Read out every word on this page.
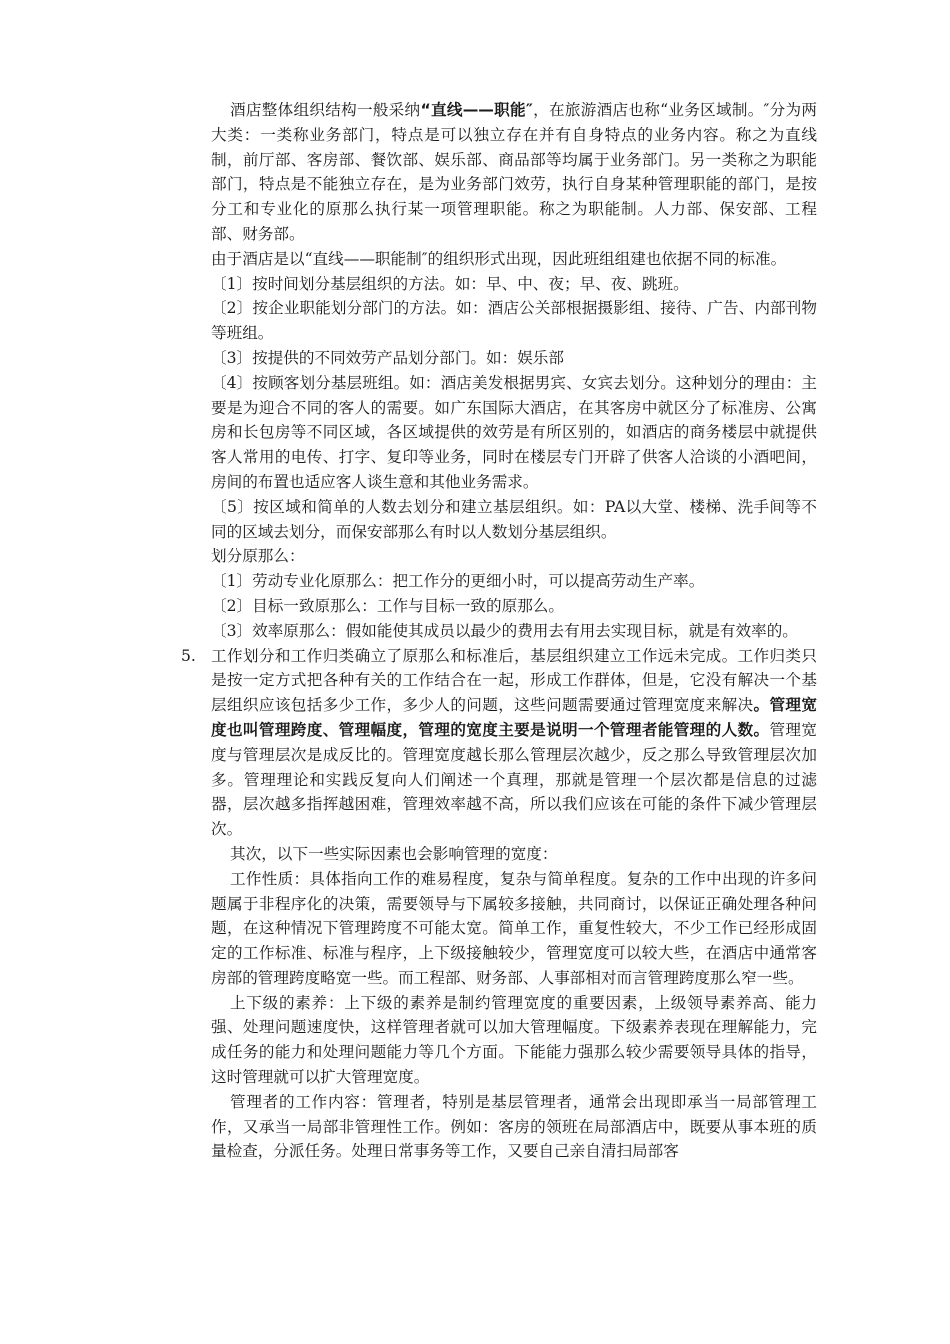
酒店整体组织结构一般采纳“直线——职能″，在旅游酒店也称“业务区域制。″分为两大类：一类称业务部门，特点是可以独立存在并有自身特点的业务内容。称之为直线制，前厅部、客房部、餐饮部、娱乐部、商品部等均属于业务部门。另一类称之为职能部门，特点是不能独立存在，是为业务部门效劳，执行自身某种管理职能的部门，是按分工和专业化的原那么执行某一项管理职能。称之为职能制。人力部、保安部、工程部、财务部。

由于酒店是以“直线——职能制″的组织形式出现，因此班组组建也依据不同的标准。

〔1〕按时间划分基层组织的方法。如：早、中、夜；早、夜、跳班。

〔2〕按企业职能划分部门的方法。如：酒店公关部根据摄影组、接待、广告、内部刊物等班组。

〔3〕按提供的不同效劳产品划分部门。如：娱乐部

〔4〕按顾客划分基层班组。如：酒店美发根据男宾、女宾去划分。这种划分的理由：主要是为迎合不同的客人的需要。如广东国际大酒店，在其客房中就区分了标准房、公寓房和长包房等不同区域，各区域提供的效劳是有所区别的，如酒店的商务楼层中就提供客人常用的电传、打字、复印等业务，同时在楼层专门开辟了供客人洽谈的小酒吧间，房间的布置也适应客人谈生意和其他业务需求。

〔5〕按区域和简单的人数去划分和建立基层组织。如：PA以大堂、楼梯、洗手间等不同的区域去划分，而保安部那么有时以人数划分基层组织。

划分原那么：

〔1〕劳动专业化原那么：把工作分的更细小时，可以提高劳动生产率。

〔2〕目标一致原那么：工作与目标一致的原那么。

〔3〕效率原那么：假如能使其成员以最少的费用去有用去实现目标，就是有效率的。

5. 工作划分和工作归类确立了原那么和标准后，基层组织建立工作远未完成。工作归类只是按一定方式把各种有关的工作结合在一起，形成工作群体，但是，它没有解决一个基层组织应该包括多少工作，多少人的问题，这些问题需要通过管理宽度来解决。管理宽度也叫管理跨度、管理幅度，管理的宽度主要是说明一个管理者能管理的人数。管理宽度与管理层次是成反比的。管理宽度越长那么管理层次越少，反之那么导致管理层次加多。管理理论和实践反复向人们阐述一个真理，那就是管理一个层次都是信息的过滤器，层次越多指挥越困难，管理效率越不高，所以我们应该在可能的条件下减少管理层次。

其次，以下一些实际因素也会影响管理的宽度：

工作性质：具体指向工作的难易程度，复杂与简单程度。复杂的工作中出现的许多问题属于非程序化的决策，需要领导与下属较多接触，共同商讨，以保证正确处理各种问题，在这种情况下管理跨度不可能太宽。简单工作，重复性较大，不少工作已经形成固定的工作标准、标准与程序，上下级接触较少，管理宽度可以较大些，在酒店中通常客房部的管理跨度略宽一些。而工程部、财务部、人事部相对而言管理跨度那么窄一些。

上下级的素养：上下级的素养是制约管理宽度的重要因素，上级领导素养高、能力强、处理问题速度快，这样管理者就可以加大管理幅度。下级素养表现在理解能力，完成任务的能力和处理问题能力等几个方面。下能能力强那么较少需要领导具体的指导，这时管理就可以扩大管理宽度。

管理者的工作内容：管理者，特别是基层管理者，通常会出现即承当一局部管理工作，又承当一局部非管理性工作。例如：客房的领班在局部酒店中，既要从事本班的质量检查，分派任务。处理日常事务等工作，又要自己亲自清扫局部客
